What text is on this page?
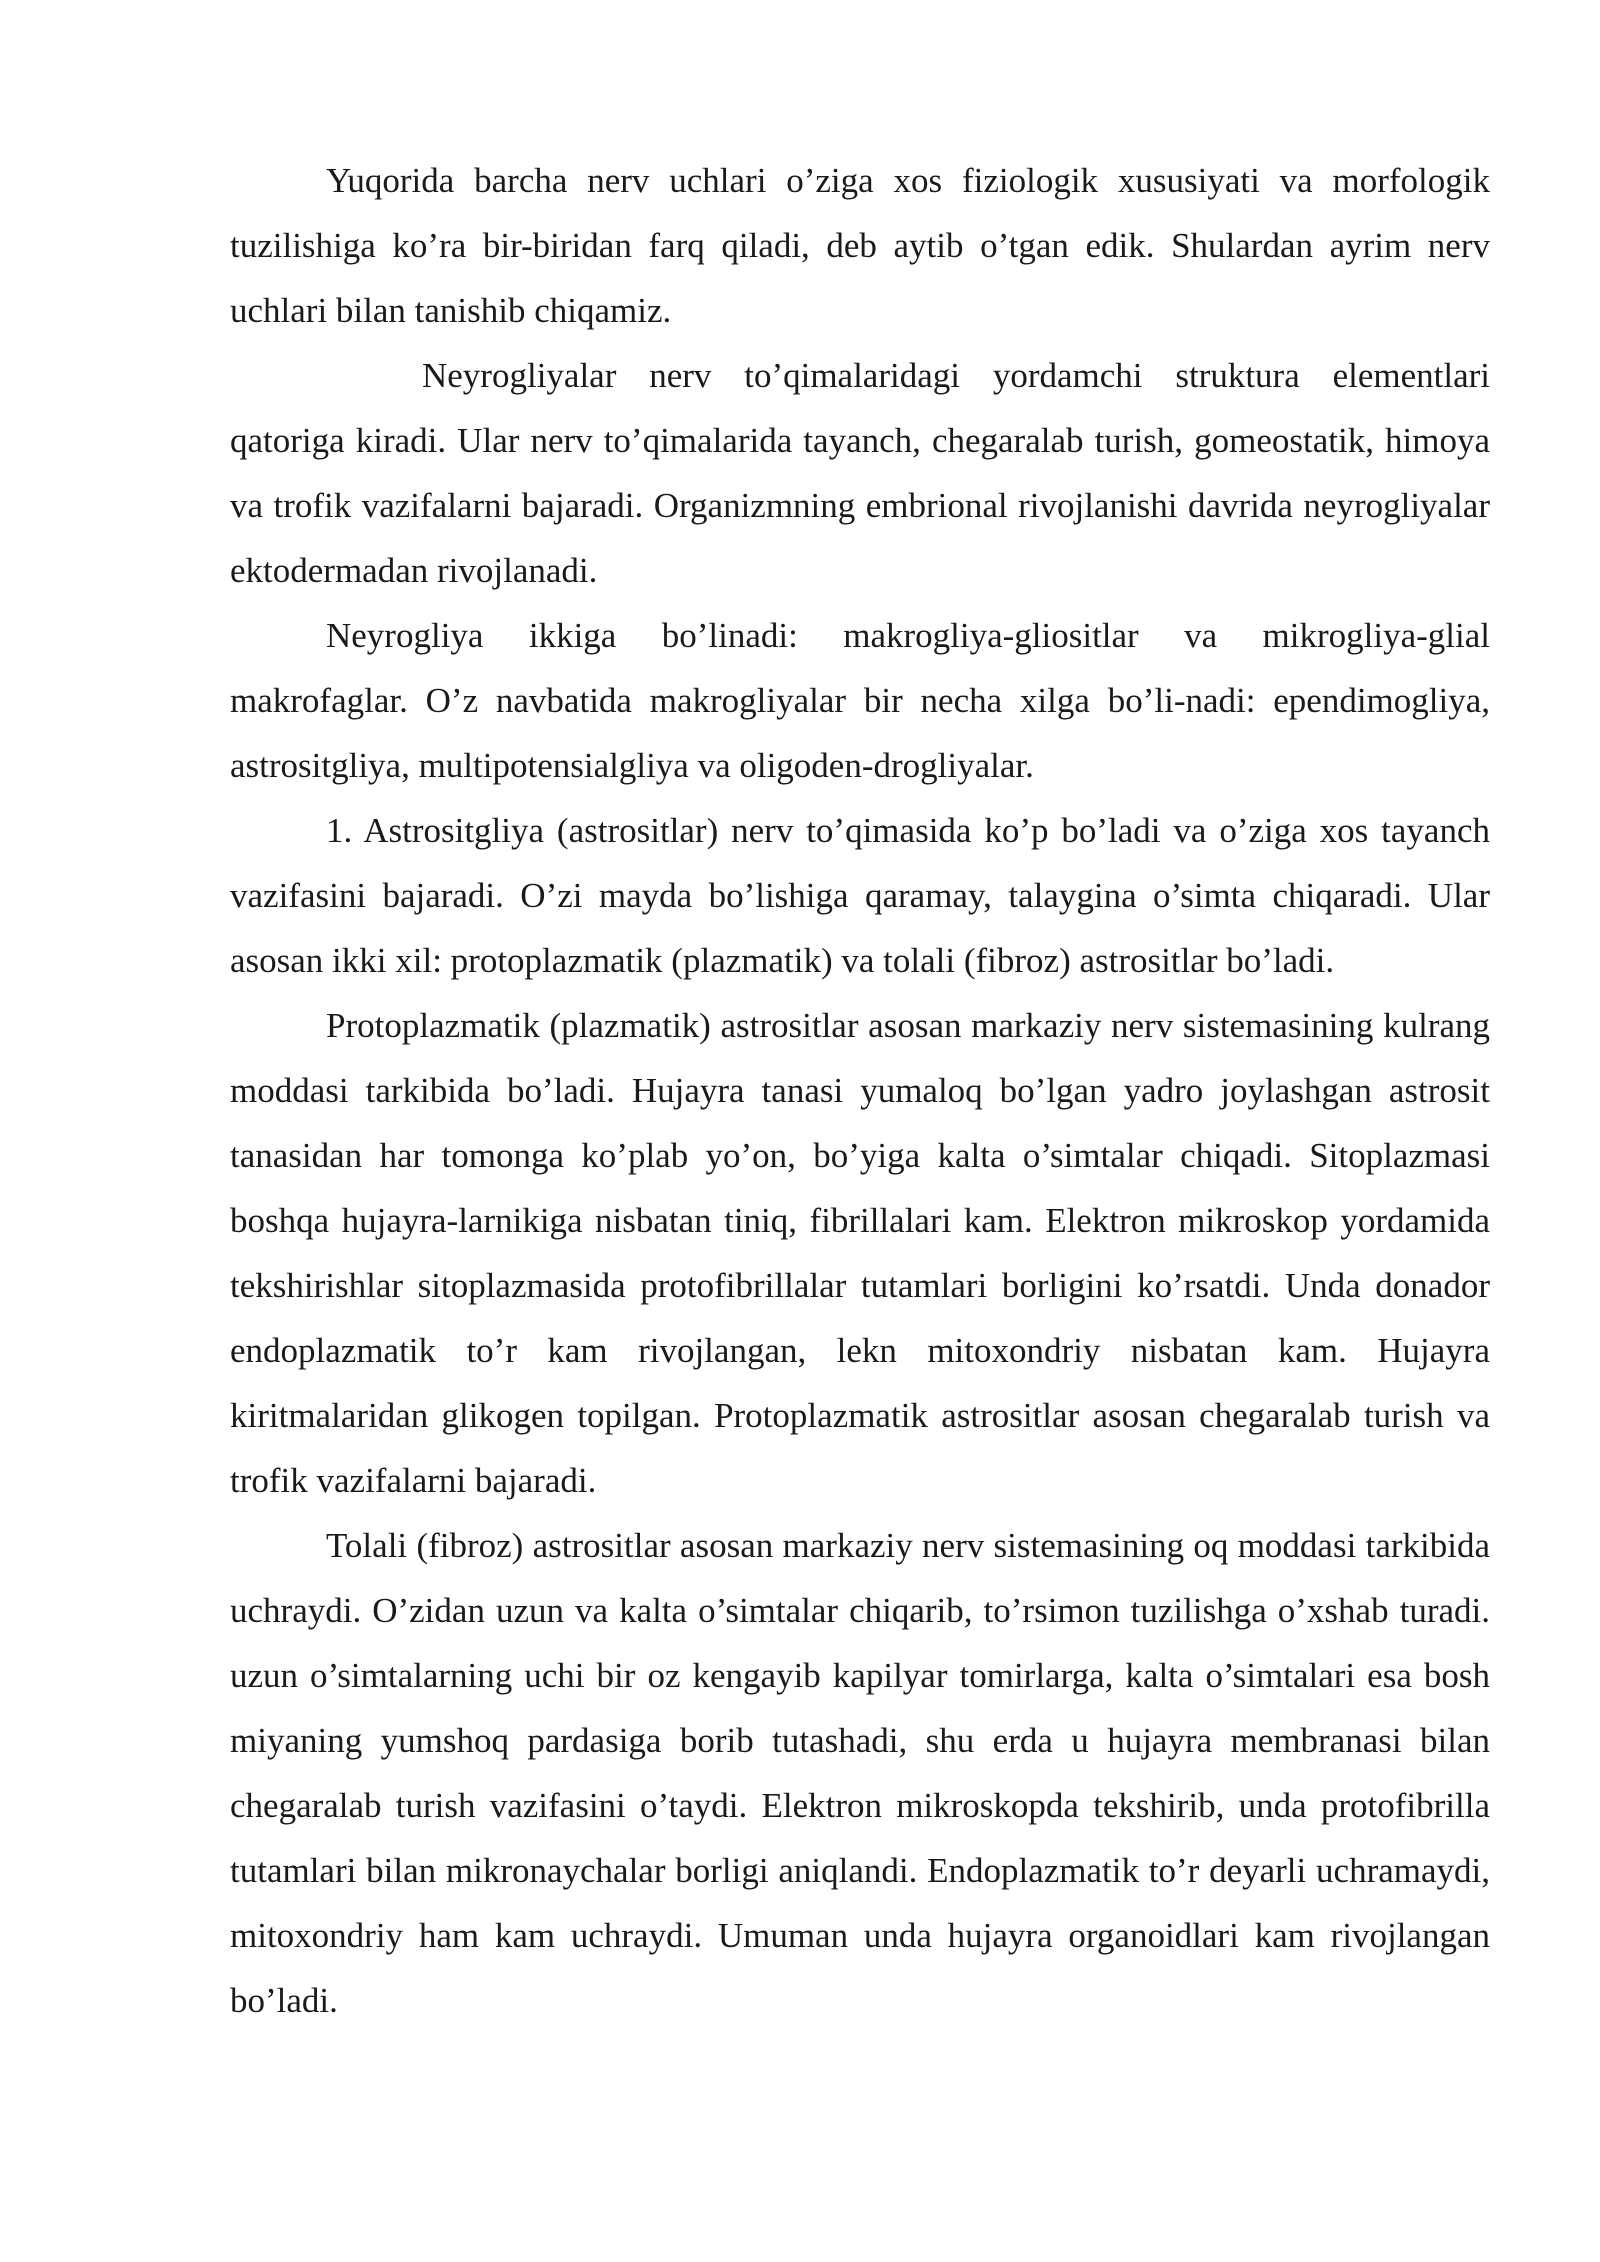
Yuqorida barcha nerv uchlari o’ziga xos fiziologik xususiyati va morfologik tuzilishiga ko’ra bir-biridan farq qiladi, deb aytib o’tgan edik. Shulardan ayrim nerv uchlari bilan tanishib chiqamiz.

Neyrogliyalar nerv to’qimalaridagi yordamchi struktura elementlari qatoriga kiradi. Ular nerv to’qimalarida tayanch, chegaralab turish, gomeostatik, himoya va trofik vazifalarni bajaradi. Organizmning embrional rivojlanishi davrida neyrogliyalar ektodermadan rivojlanadi.

Neyrogliya ikkiga bo’linadi: makrogliya-gliositlar va mikrogliya-glial makrofaglar. O’z navbatida makrogliyalar bir necha xilga bo’li-nadi: ependimogliya, astrositgliya, multipotensialgliya va oligoden-drogliyalar.

1. Astrositgliya (astrositlar) nerv to’qimasida ko’p bo’ladi va o’ziga xos tayanch vazifasini bajaradi. O’zi mayda bo’lishiga qaramay, talaygina o’simta chiqaradi. Ular asosan ikki xil: protoplazmatik (plazmatik) va tolali (fibroz) astrositlar bo’ladi.

Protoplazmatik (plazmatik) astrositlar asosan markaziy nerv sistemasining kulrang moddasi tarkibida bo’ladi. Hujayra tanasi yumaloq bo’lgan yadro joylashgan astrosit tanasidan har tomonga ko’plab yo’on, bo’yiga kalta o’simtalar chiqadi. Sitoplazmasi boshqa hujayra-larnikiga nisbatan tiniq, fibrillalari kam. Elektron mikroskop yordamida tekshirishlar sitoplazmasida protofibrillalar tutamlari borligini ko’rsatdi. Unda donador endoplazmatik to’r kam rivojlangan, lekn mitoxondriy nisbatan kam. Hujayra kiritmalaridan glikogen topilgan. Protoplazmatik astrositlar asosan chegaralab turish va trofik vazifalarni bajaradi.

Tolali (fibroz) astrositlar asosan markaziy nerv sistemasining oq moddasi tarkibida uchraydi. O’zidan uzun va kalta o’simtalar chiqarib, to’rsimon tuzilishga o’xshab turadi. uzun o’simtalarning uchi bir oz kengayib kapilyar tomirlarga, kalta o’simtalari esa bosh miyaning yumshoq pardasiga borib tutashadi, shu erda u hujayra membranasi bilan chegaralab turish vazifasini o’taydi. Elektron mikroskopda tekshirib, unda protofibrilla tutamlari bilan mikronaychalar borligi aniqlandi. Endoplazmatik to’r deyarli uchramaydi, mitoxondriy ham kam uchraydi. Umuman unda hujayra organoidlari kam rivojlangan bo’ladi.
